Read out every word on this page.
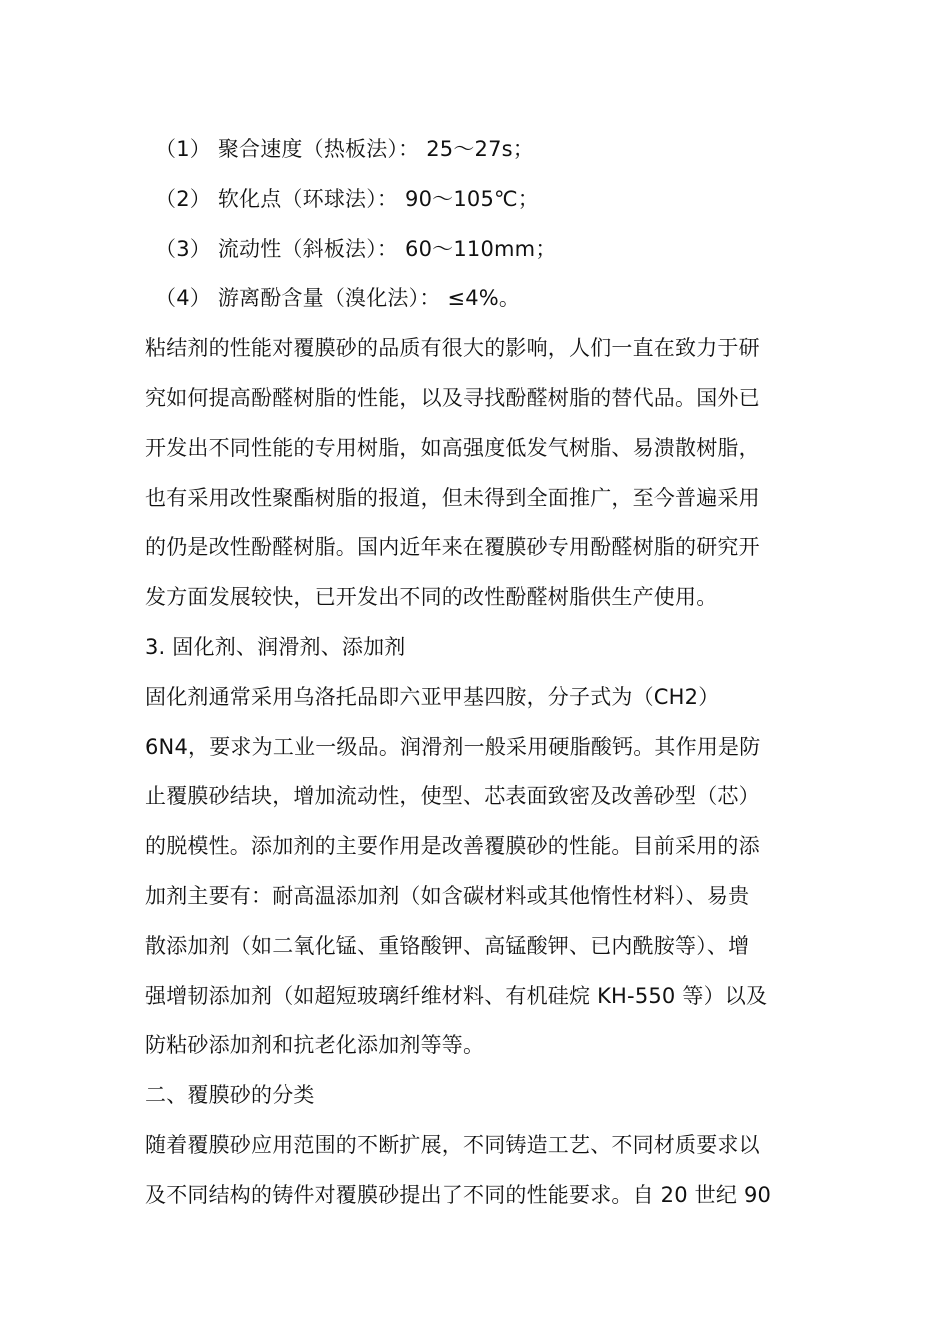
（1） 聚合速度（热板法）： 25～27s；
（2） 软化点（环球法）： 90～105℃；
（3） 流动性（斜板法）： 60～110mm；
（4） 游离酚含量（溴化法）： ≤4%。
粘结剂的性能对覆膜砂的品质有很大的影响，人们一直在致力于研
究如何提高酚醛树脂的性能，以及寻找酚醛树脂的替代品。国外已
开发出不同性能的专用树脂，如高强度低发气树脂、易溃散树脂，
也有采用改性聚酯树脂的报道，但未得到全面推广，至今普遍采用
的仍是改性酚醛树脂。国内近年来在覆膜砂专用酚醛树脂的研究开
发方面发展较快，已开发出不同的改性酚醛树脂供生产使用。
3. 固化剂、润滑剂、添加剂
固化剂通常采用乌洛托品即六亚甲基四胺，分子式为（CH2）
6N4，要求为工业一级品。润滑剂一般采用硬脂酸钙。其作用是防
止覆膜砂结块，增加流动性，使型、芯表面致密及改善砂型（芯）
的脱模性。添加剂的主要作用是改善覆膜砂的性能。目前采用的添
加剂主要有：耐高温添加剂（如含碳材料或其他惰性材料）、易贵
散添加剂（如二氧化锰、重铬酸钾、高锰酸钾、已内酰胺等）、增
强增韧添加剂（如超短玻璃纤维材料、有机硅烷 KH-550 等）以及
防粘砂添加剂和抗老化添加剂等等。
二、覆膜砂的分类
随着覆膜砂应用范围的不断扩展，不同铸造工艺、不同材质要求以
及不同结构的铸件对覆膜砂提出了不同的性能要求。自 20 世纪 90
